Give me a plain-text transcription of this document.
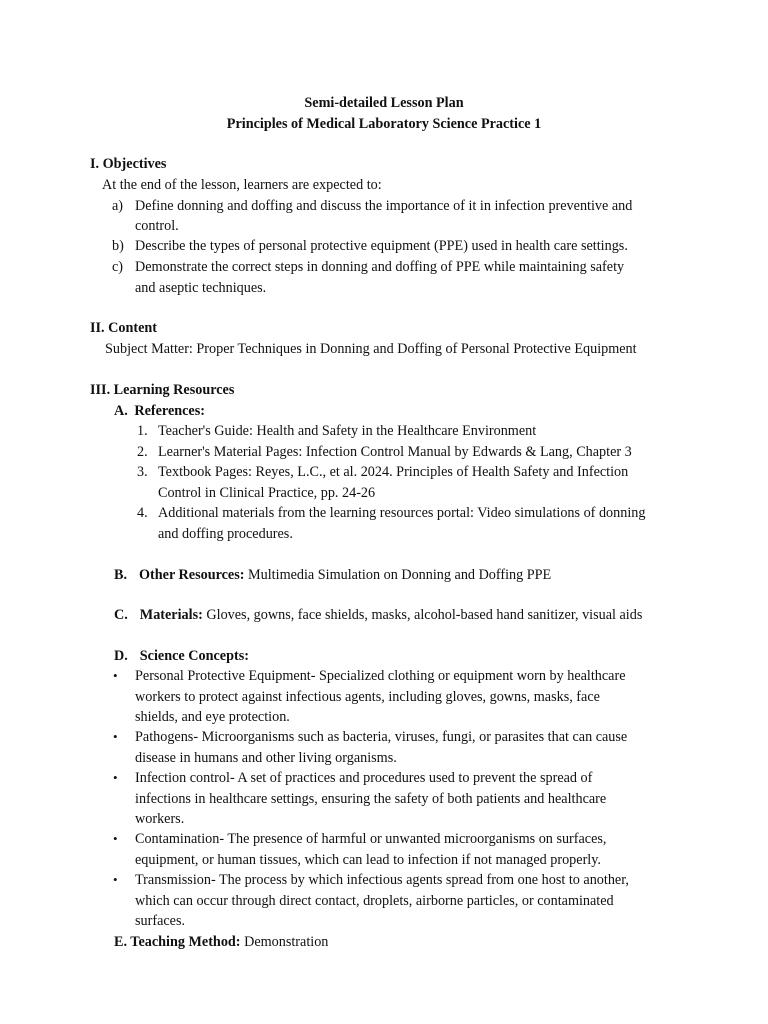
Semi-detailed Lesson Plan
Principles of Medical Laboratory Science Practice 1
I. Objectives
At the end of the lesson, learners are expected to:
a) Define donning and doffing and discuss the importance of it in infection preventive and
control.
b) Describe the types of personal protective equipment (PPE) used in health care settings.
c) Demonstrate the correct steps in donning and doffing of PPE while maintaining safety
and aseptic techniques.
II. Content
Subject Matter: Proper Techniques in Donning and Doffing of Personal Protective Equipment
III. Learning Resources
A. References:
1. Teacher's Guide: Health and Safety in the Healthcare Environment
2. Learner's Material Pages: Infection Control Manual by Edwards & Lang, Chapter 3
3. Textbook Pages: Reyes, L.C., et al. 2024. Principles of Health Safety and Infection
Control in Clinical Practice, pp. 24-26
4. Additional materials from the learning resources portal: Video simulations of donning
and doffing procedures.
B. Other Resources: Multimedia Simulation on Donning and Doffing PPE
C. Materials: Gloves, gowns, face shields, masks, alcohol-based hand sanitizer, visual aids
D. Science Concepts:
• Personal Protective Equipment- Specialized clothing or equipment worn by healthcare
workers to protect against infectious agents, including gloves, gowns, masks, face
shields, and eye protection.
• Pathogens- Microorganisms such as bacteria, viruses, fungi, or parasites that can cause
disease in humans and other living organisms.
• Infection control- A set of practices and procedures used to prevent the spread of
infections in healthcare settings, ensuring the safety of both patients and healthcare
workers.
• Contamination- The presence of harmful or unwanted microorganisms on surfaces,
equipment, or human tissues, which can lead to infection if not managed properly.
• Transmission- The process by which infectious agents spread from one host to another,
which can occur through direct contact, droplets, airborne particles, or contaminated
surfaces.
E. Teaching Method: Demonstration
